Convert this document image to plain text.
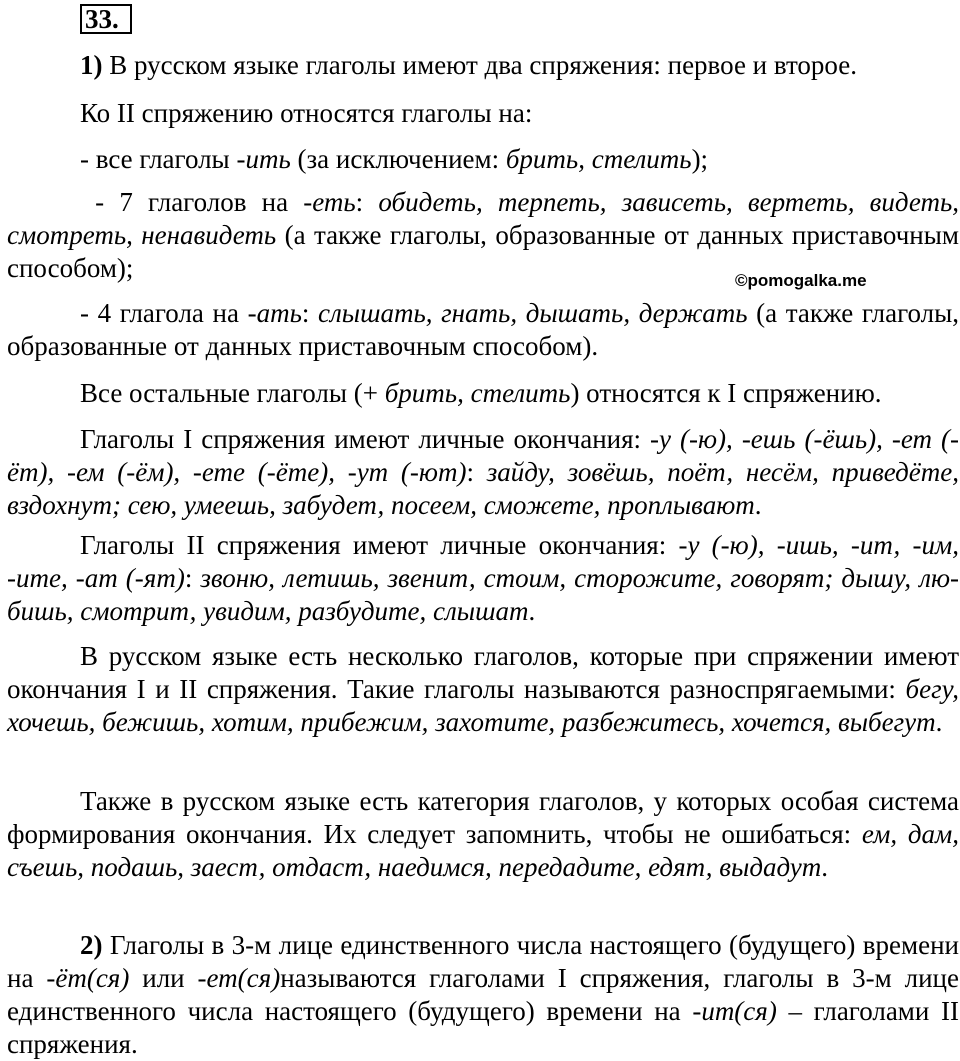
33.

1) В русском языке глаголы имеют два спряжения: первое и второе.

Ко II спряжению относятся глаголы на:

- все глаголы -ить (за исключением: брить, стелить);

- 7 глаголов на -еть: обидеть, терпеть, зависеть, вертеть, видеть, смотреть, ненавидеть (а также глаголы, образованные от данных приставочным способом);	©pomogalka.me

- 4 глагола на -ать: слышать, гнать, дышать, держать (а также глаголы, образованные от данных приставочным способом).

Все остальные глаголы (+ брить, стелить) относятся к I спряжению.

Глаголы I спряжения имеют личные окончания: -у (-ю), -ешь (-ёшь), -ет (-ёт), -ем (-ём), -ете (-ёте), -ут (-ют): зайду, зовёшь, поёт, несём, приведёте, вздохнут; сею, умеешь, забудет, посеем, сможете, проплывают.

Глаголы II спряжения имеют личные окончания: -у (-ю), -ишь, -ит, -им, -ите, -ат (-ят): звоню, летишь, звенит, стоим, сторожите, говорят; дышу, лю-бишь, смотрит, увидим, разбудите, слышат.

В русском языке есть несколько глаголов, которые при спряжении имеют окончания I и II спряжения. Такие глаголы называются разноспрягаемыми: бегу, хочешь, бежишь, хотим, прибежим, захотите, разбежитесь, хочется, выбегут.

Также в русском языке есть категория глаголов, у которых особая система формирования окончания. Их следует запомнить, чтобы не ошибаться: ем, дам, съешь, подашь, заест, отдаст, наедимся, передадите, едят, выдадут.

2) Глаголы в 3-м лице единственного числа настоящего (будущего) времени на -ёт(ся) или -ет(ся)называются глаголами I спряжения, глаголы в 3-м лице единственного числа настоящего (будущего) времени на -ит(ся) – глаголами II спряжения.
